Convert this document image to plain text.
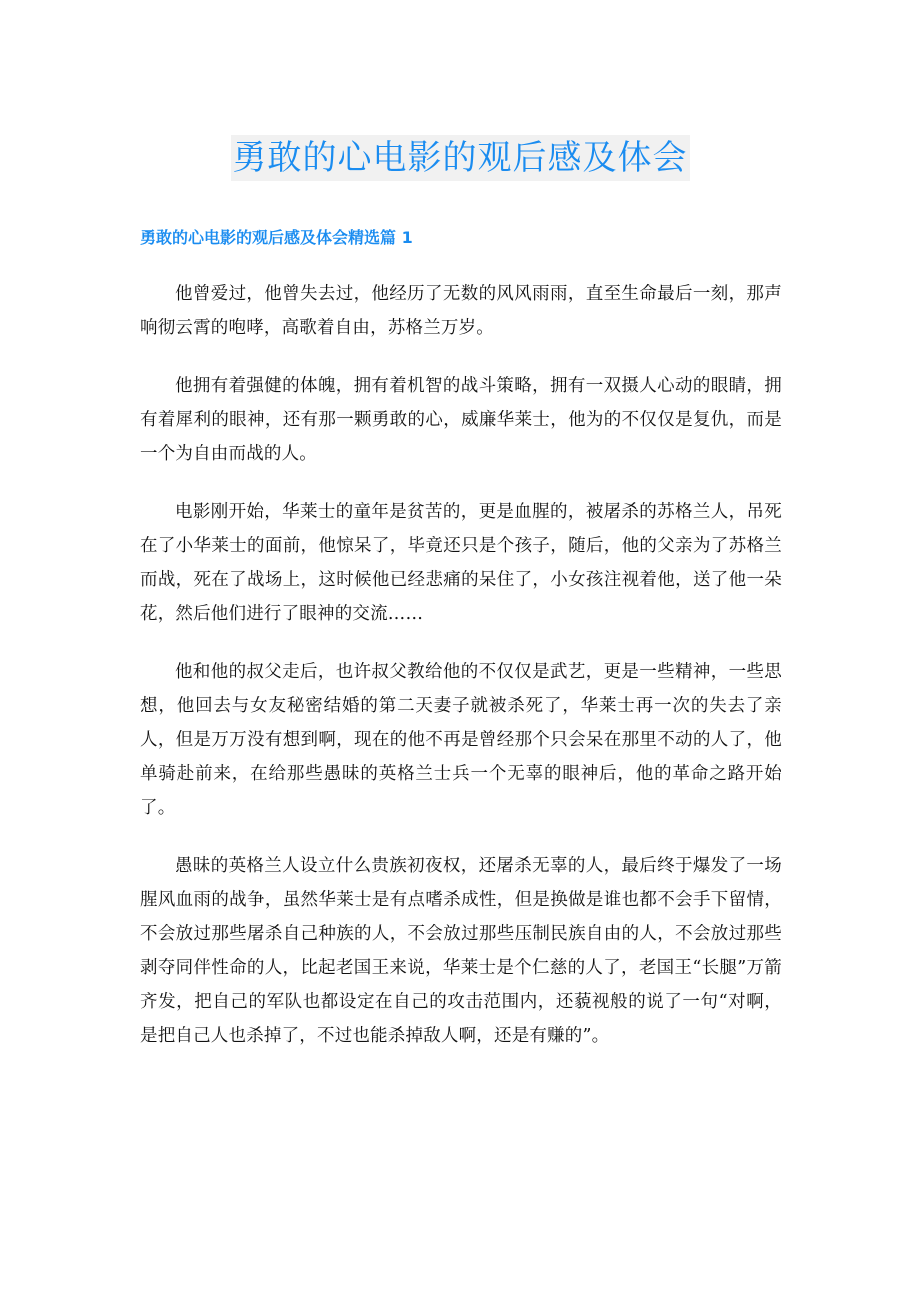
勇敢的心电影的观后感及体会
勇敢的心电影的观后感及体会精选篇 1

他曾爱过，他曾失去过，他经历了无数的风风雨雨，直至生命最后一刻，那声响彻云霄的咆哮，高歌着自由，苏格兰万岁。

他拥有着强健的体魄，拥有着机智的战斗策略，拥有一双摄人心动的眼睛，拥有着犀利的眼神，还有那一颗勇敢的心，威廉华莱士，他为的不仅仅是复仇，而是一个为自由而战的人。

电影刚开始，华莱士的童年是贫苦的，更是血腥的，被屠杀的苏格兰人，吊死在了小华莱士的面前，他惊呆了，毕竟还只是个孩子，随后，他的父亲为了苏格兰而战，死在了战场上，这时候他已经悲痛的呆住了，小女孩注视着他，送了他一朵花，然后他们进行了眼神的交流……

他和他的叔父走后，也许叔父教给他的不仅仅是武艺，更是一些精神，一些思想，他回去与女友秘密结婚的第二天妻子就被杀死了，华莱士再一次的失去了亲人，但是万万没有想到啊，现在的他不再是曾经那个只会呆在那里不动的人了，他单骑赴前来，在给那些愚昧的英格兰士兵一个无辜的眼神后，他的革命之路开始了。

愚昧的英格兰人设立什么贵族初夜权，还屠杀无辜的人，最后终于爆发了一场腥风血雨的战争，虽然华莱士是有点嗜杀成性，但是换做是谁也都不会手下留情，不会放过那些屠杀自己种族的人，不会放过那些压制民族自由的人，不会放过那些剥夺同伴性命的人，比起老国王来说，华莱士是个仁慈的人了，老国王“长腿”万箭齐发，把自己的军队也都设定在自己的攻击范围内，还藐视般的说了一句“对啊，是把自己人也杀掉了，不过也能杀掉敌人啊，还是有赚的”。
